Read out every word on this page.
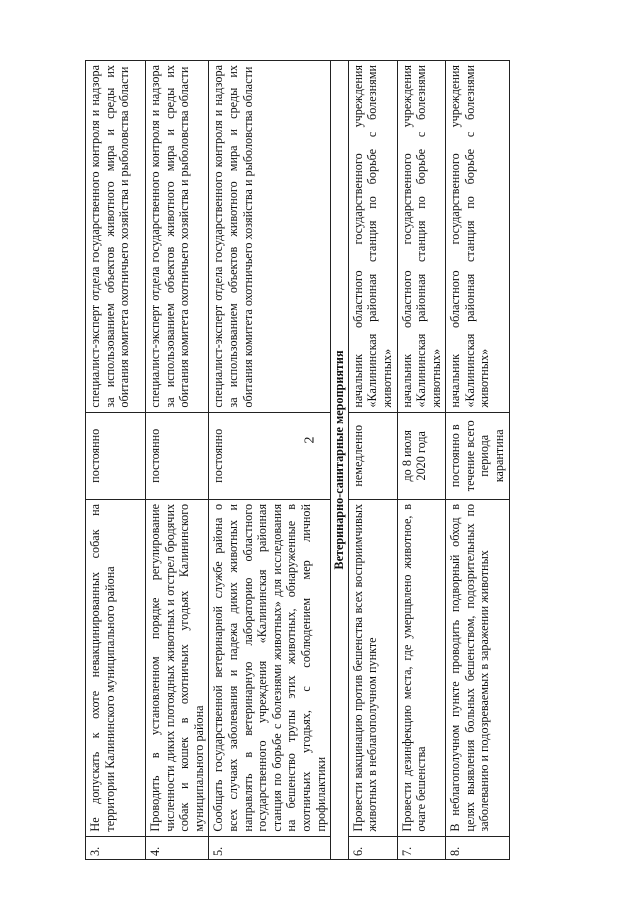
2
3.	Не допускать к охоте невакцинированных собак на территории Калининского муниципального района	постоянно	специалист-эксперт отдела государственного контроля и надзора за использованием объектов животного мира и среды их обитания комитета охотничьего хозяйства и рыболовства области
4.	Проводить в установленном порядке регулирование численности диких плотоядных животных и отстрел бродячих собак и кошек в охотничьих угодьях Калининского муниципального района	постоянно	специалист-эксперт отдела государственного контроля и надзора за использованием объектов животного мира и среды их обитания комитета охотничьего хозяйства и рыболовства области
5.	Сообщать государственной ветеринарной службе района о всех случаях заболевания и падежа диких животных и направлять в ветеринарную лабораторию областного государственного учреждения «Калининская районная станция по борьбе с болезнями животных» для исследования на бешенство трупы этих животных, обнаруженные в охотничьих угодьях, с соблюдением мер личной профилактики	постоянно	специалист-эксперт отдела государственного контроля и надзора за использованием объектов животного мира и среды их обитания комитета охотничьего хозяйства и рыболовства области
Ветеринарно-санитарные мероприятия			
6.	Провести вакцинацию против бешенства всех восприимчивых животных в неблагополучном пункте	немедленно	начальник областного государственного учреждения «Калининская районная станция по борьбе с болезнями животных»
7.	Провести дезинфекцию места, где умерщвлено животное, в очаге бешенства	до 8 июля 2020 года	начальник областного государственного учреждения «Калининская районная станция по борьбе с болезнями животных»
8.	В неблагополучном пункте проводить подворный обход в целях выявления больных бешенством, подозрительных по заболеванию и подозреваемых в заражении животных	постоянно в течение всего периода карантина	начальник областного государственного учреждения «Калининская районная станция по борьбе с болезнями животных»
